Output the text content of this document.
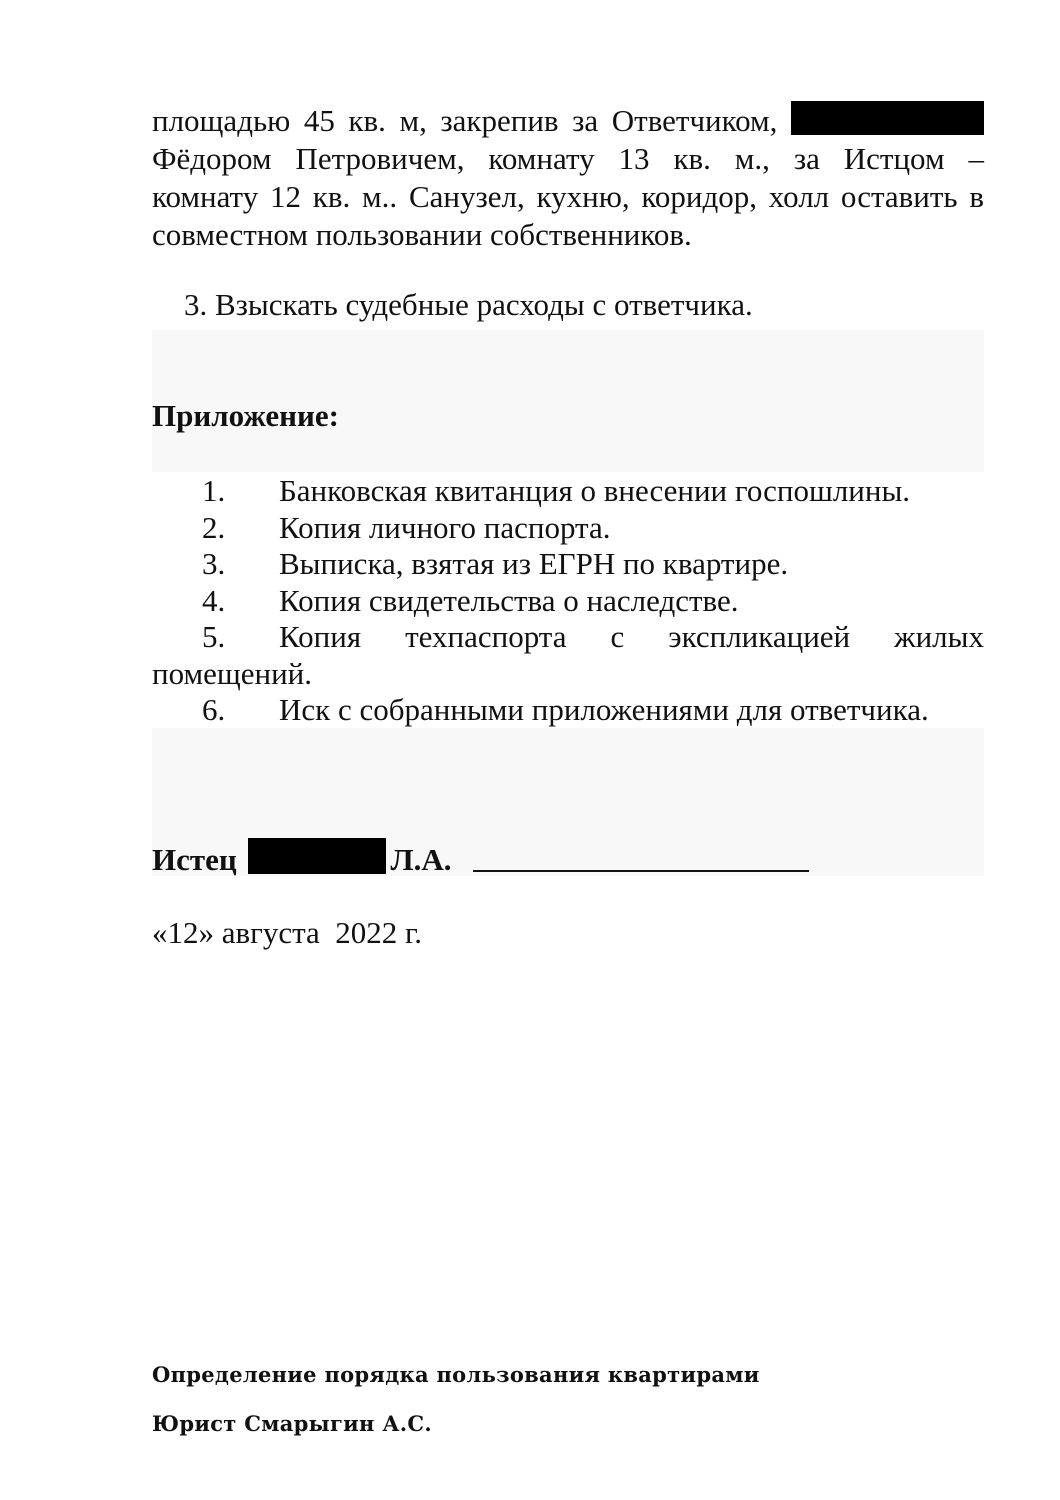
площадью 45 кв. м, закрепив за Ответчиком,
Фёдором Петровичем, комнату 13 кв. м., за Истцом –
комнату 12 кв. м.. Санузел, кухню, коридор, холл оставить в
совместном пользовании собственников.
3. Взыскать судебные расходы с ответчика.
Приложение:
1.	Банковская квитанция о внесении госпошлины.
2.	Копия личного паспорта.
3.	Выписка, взятая из ЕГРН по квартире.
4.	Копия свидетельства о наследстве.
5.	Копия техпаспорта с экспликацией жилых
помещений.
6.	Иск с собранными приложениями для ответчика.
Истец	Л.А.
«12» августа  2022 г.
Определение порядка пользования квартирами
Юрист Смарыгин А.С.
